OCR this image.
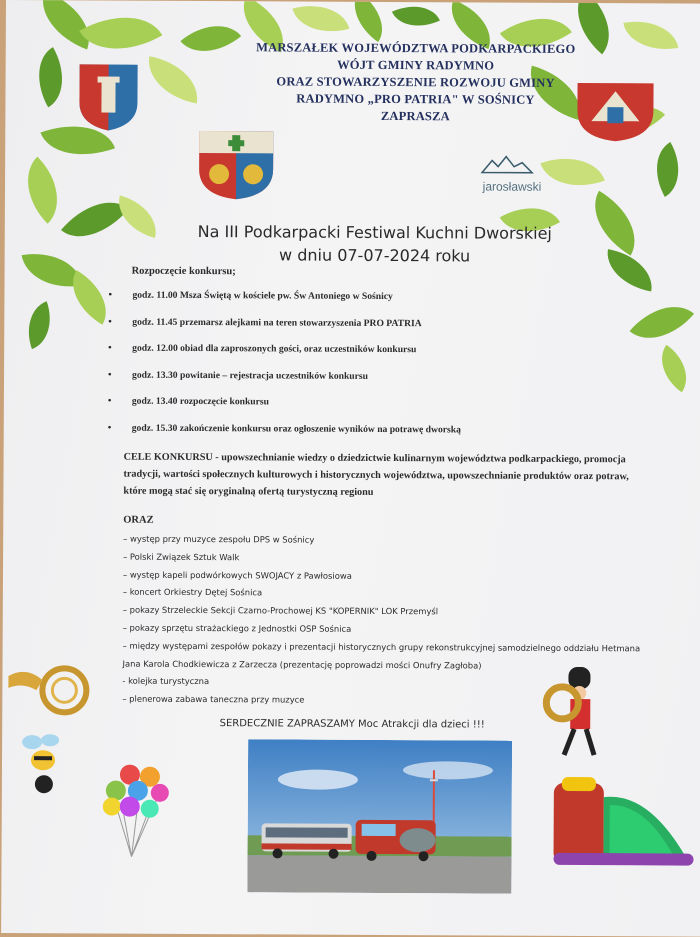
jarosławski
MARSZAŁEK WOJEWÓDZTWA PODKARPACKIEGO
WÓJT GMINY RADYMNO
ORAZ STOWARZYSZENIE ROZWOJU GMINY
RADYMNO „PRO PATRIA" W SOŚNICY
ZAPRASZA
Na III Podkarpacki Festiwal Kuchni Dworskiej
w dniu 07-07-2024 roku
Rozpoczęcie konkursu;
• godz. 11.00 Msza Świętą w kościele pw. Św Antoniego w Sośnicy
• godz. 11.45 przemarsz alejkami na teren stowarzyszenia PRO PATRIA
• godz. 12.00 obiad dla zaproszonych gości, oraz uczestników konkursu
• godz. 13.30 powitanie – rejestracja uczestników konkursu
• godz. 13.40 rozpoczęcie konkursu
• godz. 15.30 zakończenie konkursu oraz ogłoszenie wyników na potrawę dworską
CELE KONKURSU - upowszechnianie wiedzy o dziedzictwie kulinarnym województwa podkarpackiego, promocja
tradycji, wartości społecznych kulturowych i historycznych województwa, upowszechnianie produktów oraz potraw,
które mogą stać się oryginalną ofertą turystyczną regionu
ORAZ
– występ przy muzyce zespołu DPS w Sośnicy
– Polski Związek Sztuk Walk
– występ kapeli podwórkowych SWOJACY z Pawłosiowa
– koncert Orkiestry Dętej Sośnica
– pokazy Strzeleckie Sekcji Czarno-Prochowej KS "KOPERNIK" LOK Przemyśl
– pokazy sprzętu strażackiego z Jednostki OSP Sośnica
– między występami zespołów pokazy i prezentacji historycznych grupy rekonstrukcyjnej samodzielnego oddziału Hetmana
Jana Karola Chodkiewicza z Zarzecza (prezentację poprowadzi mości Onufry Zagłoba)
- kolejka turystyczna
– plenerowa zabawa taneczna przy muzyce
SERDECZNIE ZAPRASZAMY Moc Atrakcji dla dzieci !!!
